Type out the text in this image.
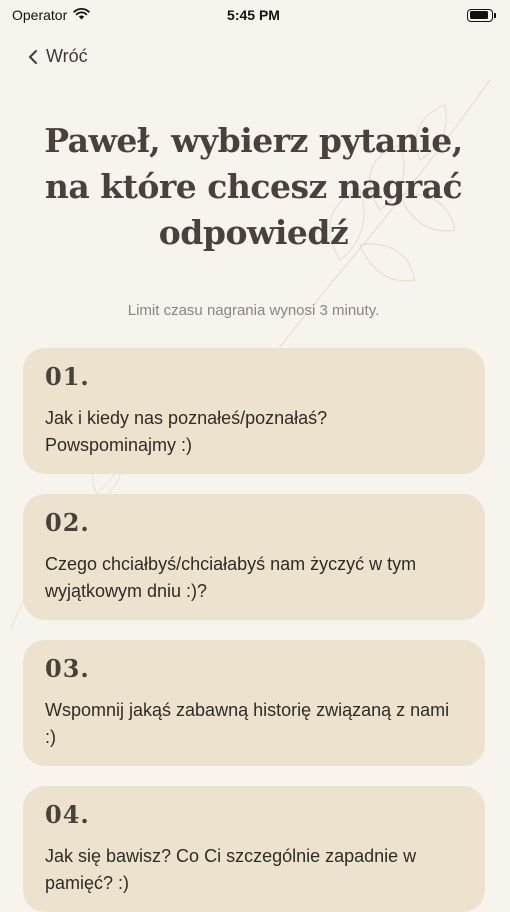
Operator	5:45 PM
Wróć
Paweł, wybierz pytanie, na które chcesz nagrać odpowiedź
Limit czasu nagrania wynosi 3 minuty.
01.
Jak i kiedy nas poznałeś/poznałaś? Powspominajmy :)
02.
Czego chciałbyś/chciałabyś nam życzyć w tym wyjątkowym dniu :)?
03.
Wspomnij jakąś zabawną historię związaną z nami :)
04.
Jak się bawisz? Co Ci szczególnie zapadnie w pamięć? :)
